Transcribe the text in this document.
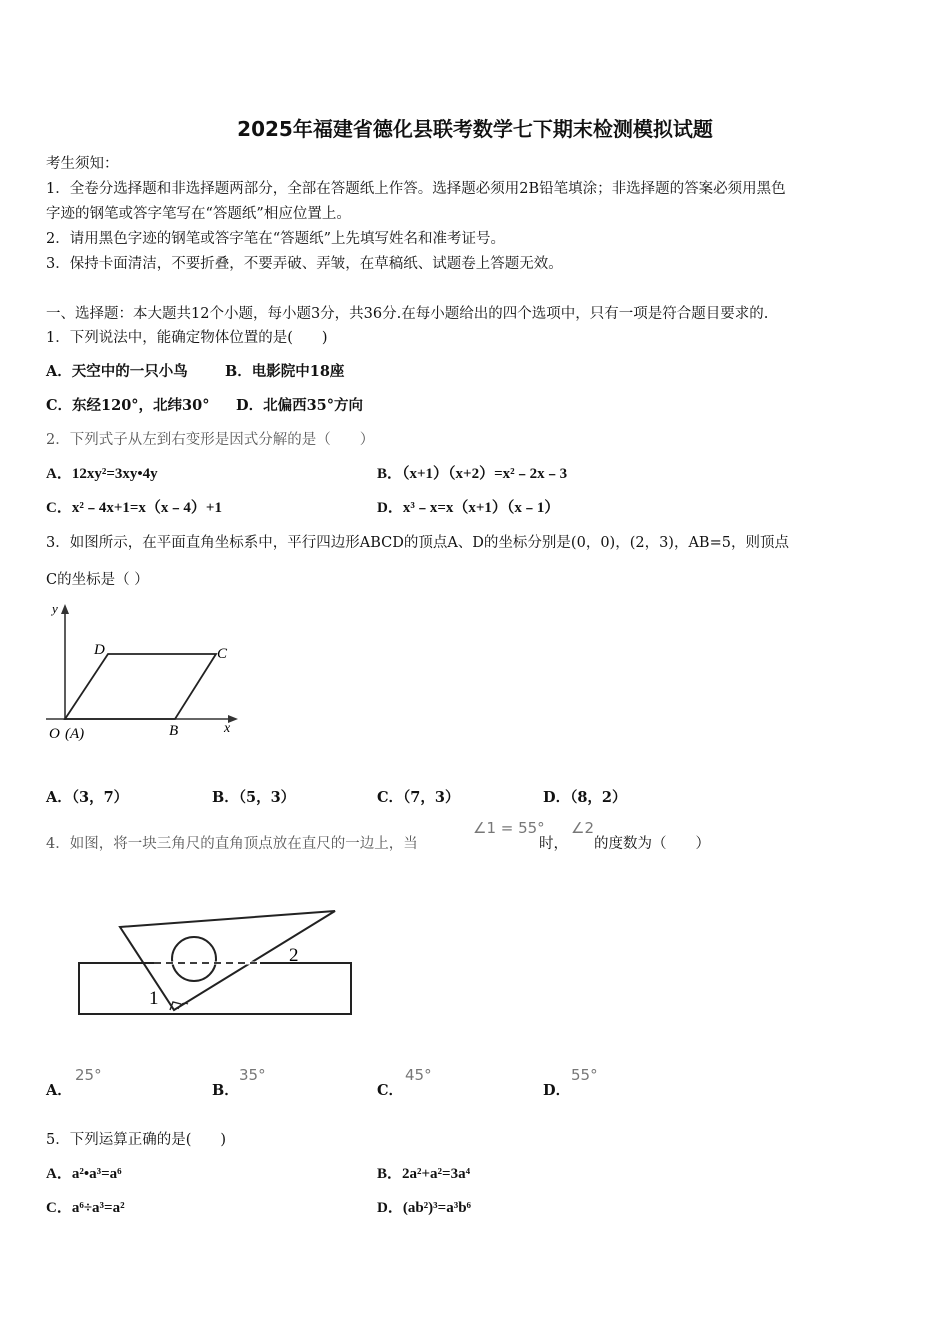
2025年福建省德化县联考数学七下期末检测模拟试题
考生须知：
1．全卷分选择题和非选择题两部分，全部在答题纸上作答。选择题必须用2B铅笔填涂；非选择题的答案必须用黑色
字迹的钢笔或答字笔写在“答题纸”相应位置上。
2．请用黑色字迹的钢笔或答字笔在“答题纸”上先填写姓名和准考证号。
3．保持卡面清洁，不要折叠，不要弄破、弄皱，在草稿纸、试题卷上答题无效。
一、选择题：本大题共12个小题，每小题3分，共36分.在每小题给出的四个选项中，只有一项是符合题目要求的.
1．下列说法中，能确定物体位置的是(　　)
A．天空中的一只小鸟	B．电影院中18座
C．东经120°，北纬30° D．北偏西35°方向
2．下列式子从左到右变形是因式分解的是（　　）
A．12xy²=3xy•4y	B．（x+1）（x+2）=x²﹣2x﹣3
C．x²﹣4x+1=x（x﹣4）+1	D．x³﹣x=x（x+1）（x﹣1）
3．如图所示，在平面直角坐标系中，平行四边形ABCD的顶点A、D的坐标分别是(0，0)，(2，3)，AB=5，则顶点
C的坐标是（ ）
y
x
D	C
O (A)	B
A．（3，7）	B．（5，3）	C．（7，3）	D．（8，2）
4．如图，将一块三角尺的直角顶点放在直尺的一边上，当
∠1 = 55°
时，
∠2
的度数为（　　）
1
2
A．
25°
B．
35°
C．
45°
D．
55°
5．下列运算正确的是(　　)
A．a²•a³=a⁶	B．2a²+a²=3a⁴
C．a⁶÷a³=a²	D．(ab²)³=a³b⁶
